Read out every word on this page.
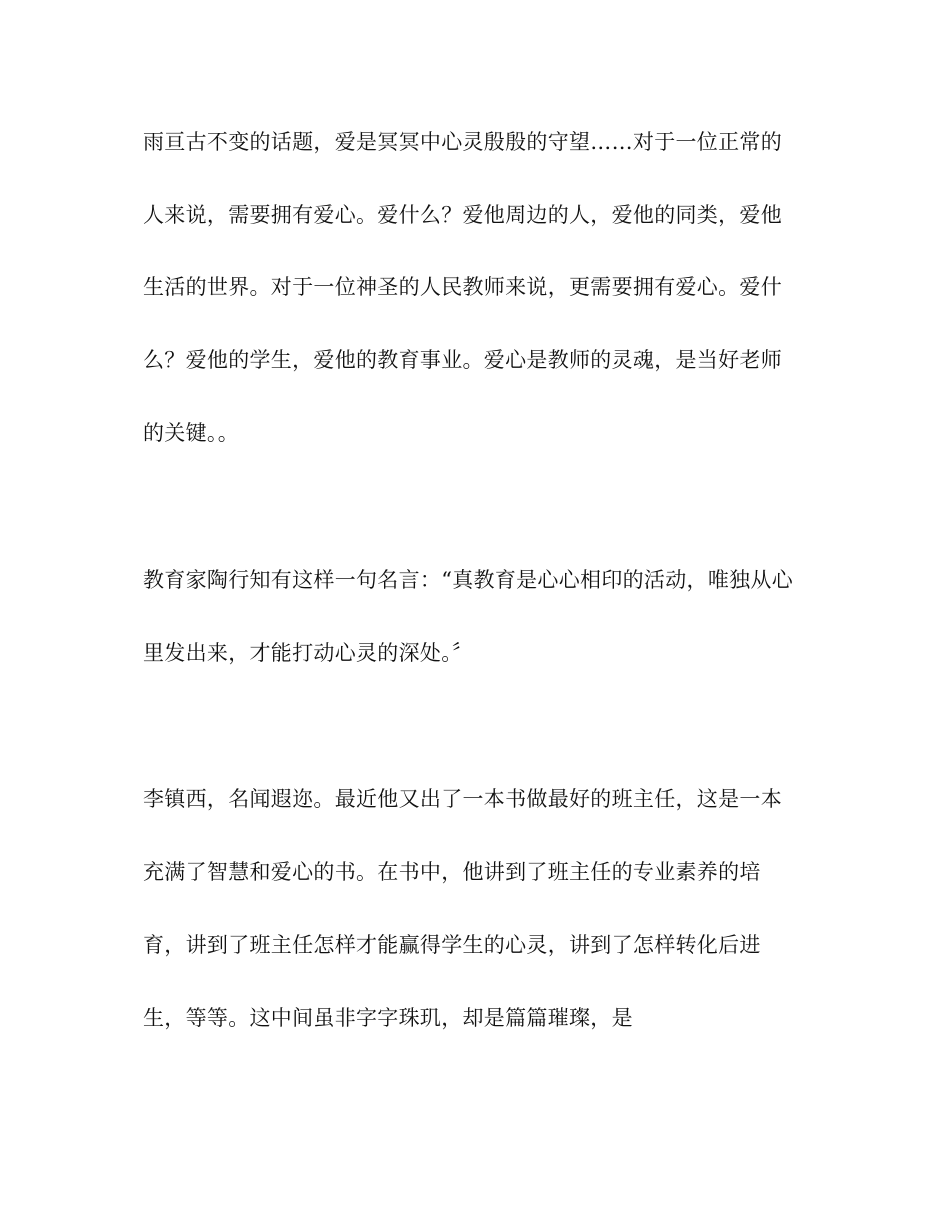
雨亘古不变的话题，爱是冥冥中心灵殷殷的守望……对于一位正常的
人来说，需要拥有爱心。爱什么？爱他周边的人，爱他的同类，爱他
生活的世界。对于一位神圣的人民教师来说，更需要拥有爱心。爱什
么？爱他的学生，爱他的教育事业。爱心是教师的灵魂，是当好老师
的关键。。
教育家陶行知有这样一句名言：“真教育是心心相印的活动，唯独从心
里发出来，才能打动心灵的深处。〞
李镇西，名闻遐迩。最近他又出了一本书做最好的班主任，这是一本
充满了智慧和爱心的书。在书中，他讲到了班主任的专业素养的培
育，讲到了班主任怎样才能赢得学生的心灵，讲到了怎样转化后进
生，等等。这中间虽非字字珠玑，却是篇篇璀璨，是
